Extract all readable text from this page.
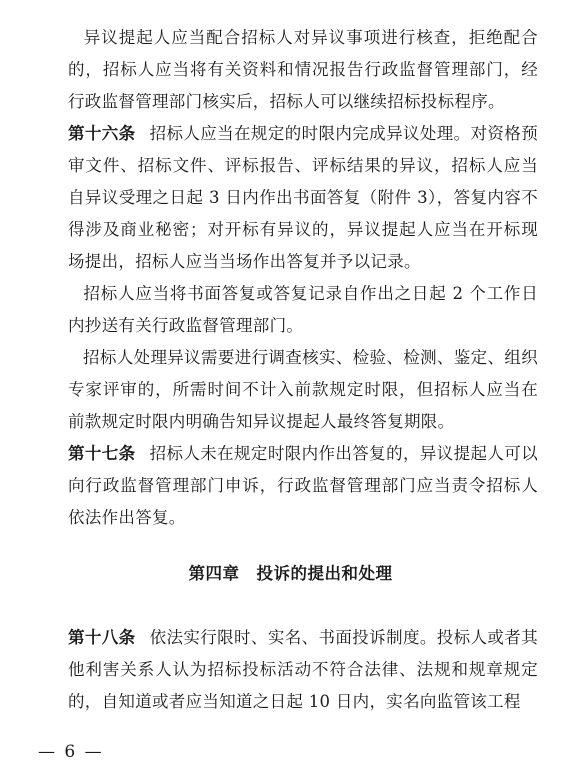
异议提起人应当配合招标人对异议事项进行核查，拒绝配合的，招标人应当将有关资料和情况报告行政监督管理部门，经行政监督管理部门核实后，招标人可以继续招标投标程序。

第十六条 招标人应当在规定的时限内完成异议处理。对资格预审文件、招标文件、评标报告、评标结果的异议，招标人应当自异议受理之日起 3 日内作出书面答复（附件 3），答复内容不得涉及商业秘密；对开标有异议的，异议提起人应当在开标现场提出，招标人应当当场作出答复并予以记录。

招标人应当将书面答复或答复记录自作出之日起 2 个工作日内抄送有关行政监督管理部门。

招标人处理异议需要进行调查核实、检验、检测、鉴定、组织专家评审的，所需时间不计入前款规定时限，但招标人应当在前款规定时限内明确告知异议提起人最终答复期限。

第十七条 招标人未在规定时限内作出答复的，异议提起人可以向行政监督管理部门申诉，行政监督管理部门应当责令招标人依法作出答复。

第四章　投诉的提出和处理

第十八条 依法实行限时、实名、书面投诉制度。投标人或者其他利害关系人认为招标投标活动不符合法律、法规和规章规定的，自知道或者应当知道之日起 10 日内，实名向监管该工程

— 6 —
